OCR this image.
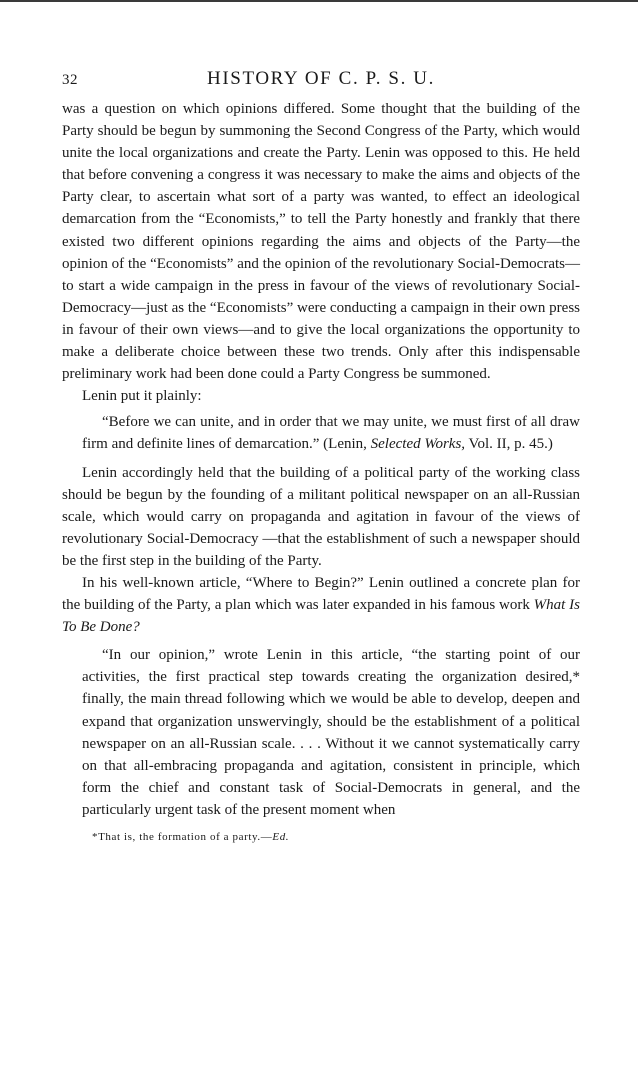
32	HISTORY OF C. P. S. U.

was a question on which opinions differed. Some thought that the building of the Party should be begun by summoning the Second Congress of the Party, which would unite the local organizations and create the Party. Lenin was opposed to this. He held that before convening a congress it was necessary to make the aims and objects of the Party clear, to ascertain what sort of a party was wanted, to effect an ideological demarcation from the “Economists,” to tell the Party honestly and frankly that there existed two different opinions regarding the aims and objects of the Party—the opinion of the “Economists” and the opinion of the revolutionary Social-Democrats—to start a wide campaign in the press in favour of the views of revolutionary Social-Democracy—just as the “Economists” were conducting a campaign in their own press in favour of their own views—and to give the local organizations the opportunity to make a deliberate choice between these two trends. Only after this indispensable preliminary work had been done could a Party Congress be summoned.

Lenin put it plainly:

“Before we can unite, and in order that we may unite, we must first of all draw firm and definite lines of demarcation.” (Lenin, Selected Works, Vol. II, p. 45.)

Lenin accordingly held that the building of a political party of the working class should be begun by the founding of a militant political newspaper on an all-Russian scale, which would carry on propaganda and agitation in favour of the views of revolutionary Social-Democracy —that the establishment of such a newspaper should be the first step in the building of the Party.

In his well-known article, “Where to Begin?” Lenin outlined a concrete plan for the building of the Party, a plan which was later expanded in his famous work What Is To Be Done?

“In our opinion,” wrote Lenin in this article, “the starting point of our activities, the first practical step towards creating the organization desired,* finally, the main thread following which we would be able to develop, deepen and expand that organization unswervingly, should be the establishment of a political newspaper on an all-Russian scale. . . . Without it we cannot systematically carry on that all-embracing propaganda and agitation, consistent in principle, which form the chief and constant task of Social-Democrats in general, and the particularly urgent task of the present moment when

*That is, the formation of a party.—Ed.
